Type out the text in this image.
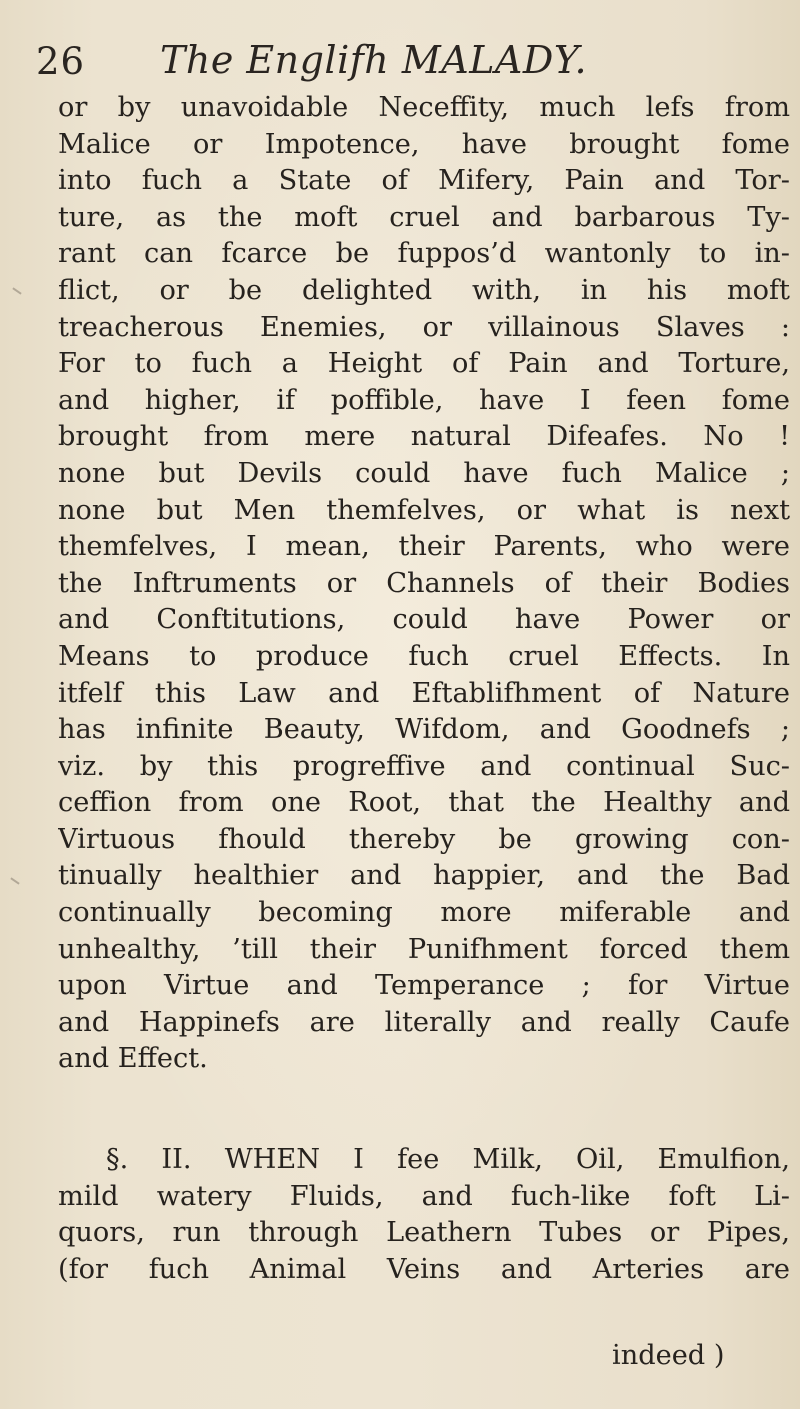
26 The Englifh MALADY.
or by unavoidable Neceffity, much lefs from
Malice or Impotence, have brought fome
into fuch a State of Mifery, Pain and Tor-
ture, as the moft cruel and barbarous Ty-
rant can fcarce be fuppos’d wantonly to in-
flict, or be delighted with, in his moft
treacherous Enemies, or villainous Slaves :
For to fuch a Height of Pain and Torture,
and higher, if poffible, have I feen fome
brought from mere natural Difeafes. No !
none but Devils could have fuch Malice ;
none but Men themfelves, or what is next
themfelves, I mean, their Parents, who were
the Inftruments or Channels of their Bodies
and Conftitutions, could have Power or
Means to produce fuch cruel Effects. In
itfelf this Law and Eftablifhment of Nature
has infinite Beauty, Wifdom, and Goodnefs ;
viz. by this progreffive and continual Suc-
ceffion from one Root, that the Healthy and
Virtuous fhould thereby be growing con-
tinually healthier and happier, and the Bad
continually becoming more miferable and
unhealthy, ’till their Punifhment forced them
upon Virtue and Temperance ; for Virtue
and Happinefs are literally and really Caufe
and Effect.
§. II. WHEN I fee Milk, Oil, Emulfion,
mild watery Fluids, and fuch-like foft Li-
quors, run through Leathern Tubes or Pipes,
(for fuch Animal Veins and Arteries are
indeed )
